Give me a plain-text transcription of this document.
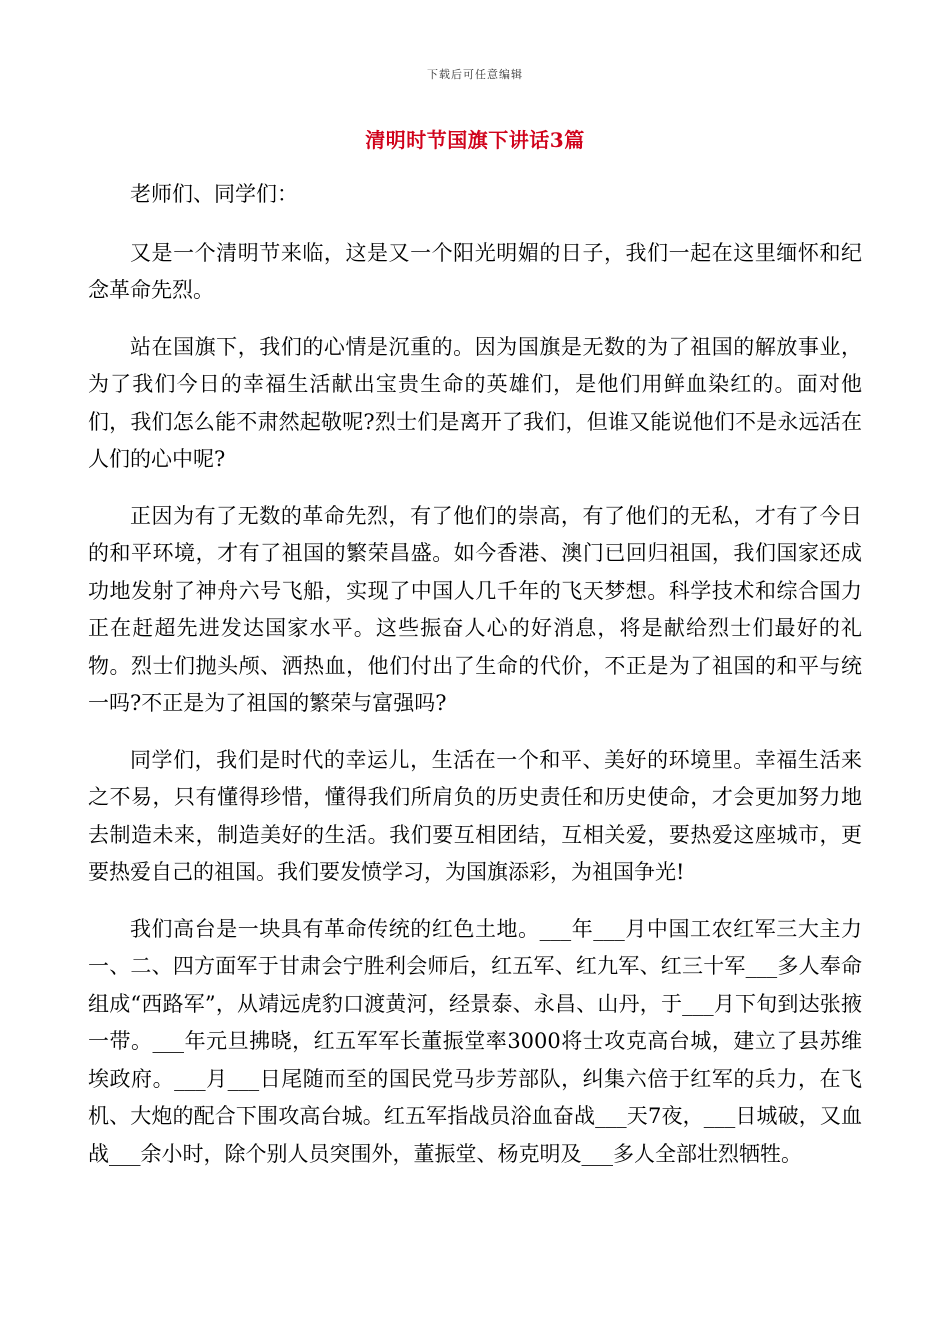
下载后可任意编辑
清明时节国旗下讲话3篇

老师们、同学们：

又是一个清明节来临，这是又一个阳光明媚的日子，我们一起在这里缅怀和纪念革命先烈。

站在国旗下，我们的心情是沉重的。因为国旗是无数的为了祖国的解放事业，为了我们今日的幸福生活献出宝贵生命的英雄们，是他们用鲜血染红的。面对他们，我们怎么能不肃然起敬呢?烈士们是离开了我们，但谁又能说他们不是永远活在人们的心中呢?

正因为有了无数的革命先烈，有了他们的崇高，有了他们的无私，才有了今日的和平环境，才有了祖国的繁荣昌盛。如今香港、澳门已回归祖国，我们国家还成功地发射了神舟六号飞船，实现了中国人几千年的飞天梦想。科学技术和综合国力正在赶超先进发达国家水平。这些振奋人心的好消息，将是献给烈士们最好的礼物。烈士们抛头颅、洒热血，他们付出了生命的代价，不正是为了祖国的和平与统一吗?不正是为了祖国的繁荣与富强吗?

同学们，我们是时代的幸运儿，生活在一个和平、美好的环境里。幸福生活来之不易，只有懂得珍惜，懂得我们所肩负的历史责任和历史使命，才会更加努力地去制造未来，制造美好的生活。我们要互相团结，互相关爱，要热爱这座城市，更要热爱自己的祖国。我们要发愤学习，为国旗添彩，为祖国争光!

我们高台是一块具有革命传统的红色土地。___年___月中国工农红军三大主力一、二、四方面军于甘肃会宁胜利会师后，红五军、红九军、红三十军___多人奉命组成“西路军”，从靖远虎豹口渡黄河，经景泰、永昌、山丹，于___月下旬到达张掖一带。___年元旦拂晓，红五军军长董振堂率3000将士攻克高台城，建立了县苏维埃政府。___月___日尾随而至的国民党马步芳部队，纠集六倍于红军的兵力，在飞机、大炮的配合下围攻高台城。红五军指战员浴血奋战___天7夜，___日城破，又血战___余小时，除个别人员突围外，董振堂、杨克明及___多人全部壮烈牺牲。
